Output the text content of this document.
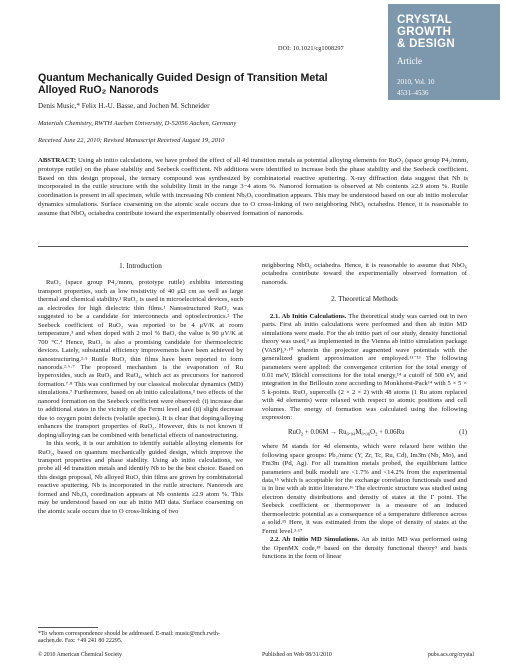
DOI: 10.1021/cg1008297
CRYSTAL
GROWTH
& DESIGN
Article
2010, Vol. 10
4531–4536
Quantum Mechanically Guided Design of Transition Metal Alloyed RuO₂ Nanorods
Denis Music,* Felix H.-U. Basse, and Jochen M. Schneider
Materials Chemistry, RWTH Aachen University, D-52056 Aachen, Germany
Received June 22, 2010; Revised Manuscript Received August 19, 2010
ABSTRACT: Using ab initio calculations, we have probed the effect of all 4d transition metals as potential alloying elements for RuO₂ (space group P4₂/mnm, prototype rutile) on the phase stability and Seebeck coefficient. Nb additions were identified to increase both the phase stability and the Seebeck coefficient. Based on this design proposal, the ternary compound was synthesized by combinatorial reactive sputtering. X-ray diffraction data suggest that Nb is incorporated in the rutile structure with the solubility limit in the range 3−4 atom %. Nanorod formation is observed at Nb contents ≥2.9 atom %. Rutile coordination is present in all specimen, while with increasing Nb content NbₓOᵧ coordination appears. This may be understood based on our ab initio molecular dynamics simulations. Surface coarsening on the atomic scale occurs due to O cross-linking of two neighboring NbO₆ octahedra. Hence, it is reasonable to assume that NbO₆ octahedra contribute toward the experimentally observed formation of nanorods.
1. Introduction

RuO₂ (space group P4₂/mnm, prototype rutile) exhibits interesting transport properties, such as low resistivity of 40 μΩ cm as well as large thermal and chemical stability.¹ RuO₂ is used in microelectrical devices, such as electrodes for high dielectric thin films.¹ Nanostructured RuO₂ was suggested to be a candidate for interconnects and optoelectronics.² The Seebeck coefficient of RuO₂ was reported to be 4 μV/K at room temperature,³ and when doped with 2 mol % BaO, the value is 90 μV/K at 700 °C.⁴ Hence, RuO₂ is also a promising candidate for thermoelectric devices. Lately, substantial efficiency improvements have been achieved by nanostructuring.²·⁵ Rutile RuO₂ thin films have been reported to form nanorods.²·⁶·⁷ The proposed mechanism is the evaporation of Ru hyperoxides, such as RuO₃ and RuO₄, which act as precursors for nanorod formation.⁷·⁸ This was confirmed by our classical molecular dynamics (MD) simulations.⁷ Furthermore, based on ab initio calculations,³ two effects of the nanorod formation on the Seebeck coefficient were observed: (i) increase due to additional states in the vicinity of the Fermi level and (ii) slight decrease due to oxygen point defects (volatile species). It is clear that doping/alloying enhances the transport properties of RuO₂. However, this is not known if doping/alloying can be combined with beneficial effects of nanostructuring.

In this work, it is our ambition to identify suitable alloying elements for RuO₂, based on quantum mechanically guided design, which improve the transport properties and phase stability. Using ab initio calculations, we probe all 4d transition metals and identify Nb to be the best choice. Based on this design proposal, Nb alloyed RuO₂ thin films are grown by combinatorial reactive sputtering. Nb is incorporated in the rutile structure. Nanorods are formed and NbₓOᵧ coordination appears at Nb contents ≥2.9 atom %. This may be understood based on our ab initio MD data. Surface coarsening on the atomic scale occurs due to O cross-linking of two

neighboring NbO₆ octahedra. Hence, it is reasonable to assume that NbO₆ octahedra contribute toward the experimentally observed formation of nanorods.

2. Theoretical Methods

2.1. Ab Initio Calculations. The theoretical study was carried out in two parts. First ab initio calculations were performed and then ab initio MD simulations were made. For the ab initio part of our study, density functional theory was used,⁹ as implemented in the Vienna ab initio simulation package (VASP),⁹·¹⁰ wherein the projector augmented wave potentials with the generalized gradient approximation are employed.¹¹⁻¹³ The following parameters were applied: the convergence criterion for the total energy of 0.01 meV, Blöchl corrections for the total energy,¹⁴ a cutoff of 500 eV, and integration in the Brillouin zone according to Monkhorst-Pack¹⁴ with 5 × 5 × 5 k-points. RuO₂ supercells (2 × 2 × 2) with 48 atoms (1 Ru atom replaced with 4d elements) were relaxed with respect to atomic positions and cell volumes. The energy of formation was calculated using the following expression:

RuO₂ + 0.06M → Ru₀.₉₄M₀.₀₆O₂ + 0.06Ru	(1)

where M stands for 4d elements, which were relaxed here within the following space groups: Pb₂/mmc (Y, Zr, Tc, Ru, Cd), Im3̄m (Nb, Mo), and Fm3̄m (Pd, Ag). For all transition metals probed, the equilibrium lattice parameters and bulk moduli are <1.7% and <14.2% from the experimental data,¹⁵ which is acceptable for the exchange correlation functionals used and is in line with ab initio literature.¹⁶ The electronic structure was studied using electron density distributions and density of states at the Γ point. The Seebeck coefficient or thermopower is a measure of an induced thermoelectric potential as a consequence of a temperature difference across a solid.¹⁵ Here, it was estimated from the slope of density of states at the Fermi level.³·¹⁷

2.2. Ab Initio MD Simulations. An ab initio MD was performed using the OpenMX code,¹⁸ based on the density functional theory⁹ and basis functions in the form of linear

*To whom correspondence should be addressed. E-mail: music@mch.rwth-aachen.de. Fax: +49 241 80 22295.
© 2010 American Chemical Society	Published on Web 08/31/2010	pubs.acs.org/crystal
